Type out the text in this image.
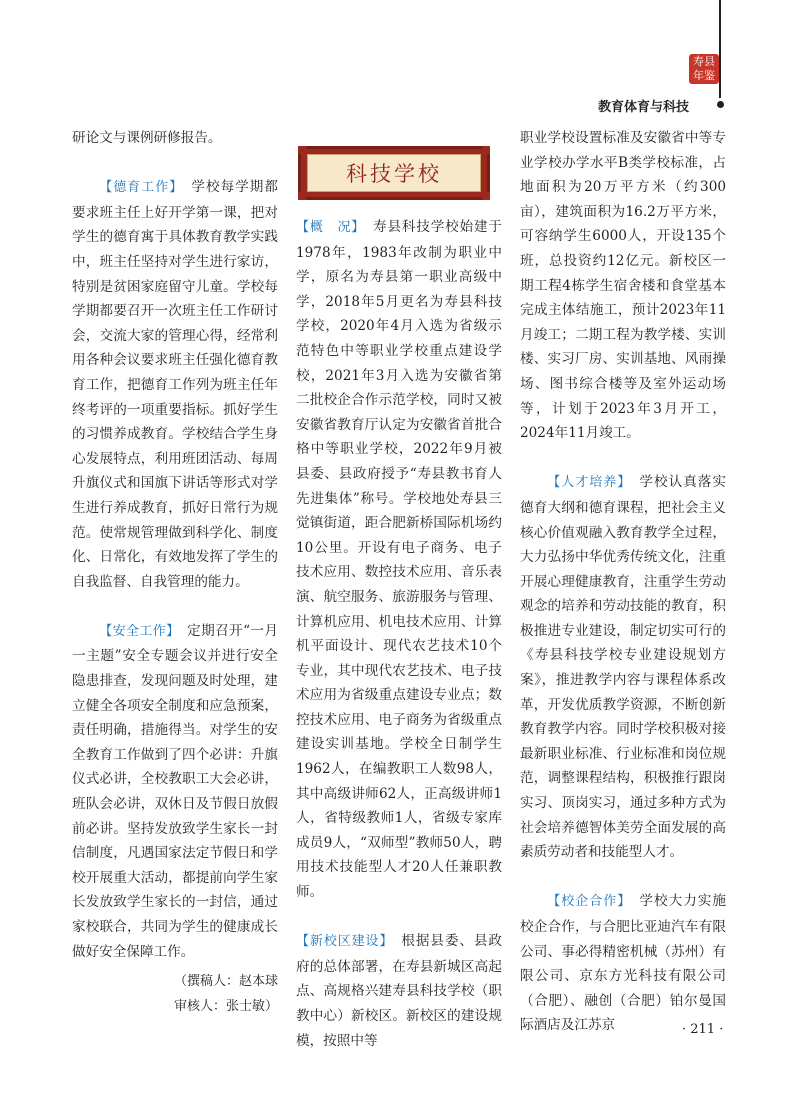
寿县
年鉴
教育体育与科技

研论文与课例研修报告。

【德育工作】　 学校每学期都要求班主任上好开学第一课，把对学生的德育寓于具体教育教学实践中，班主任坚持对学生进行家访，特别是贫困家庭留守儿童。学校每学期都要召开一次班主任工作研讨会，交流大家的管理心得，经常利用各种会议要求班主任强化德育教育工作，把德育工作列为班主任年终考评的一项重要指标。抓好学生的习惯养成教育。学校结合学生身心发展特点，利用班团活动、每周升旗仪式和国旗下讲话等形式对学生进行养成教育，抓好日常行为规范。使常规管理做到科学化、制度化、日常化，有效地发挥了学生的自我监督、自我管理的能力。

【安全工作】　 定期召开“一月一主题”安全专题会议并进行安全隐患排查，发现问题及时处理，建立健全各项安全制度和应急预案，责任明确，措施得当。对学生的安全教育工作做到了四个必讲：升旗仪式必讲，全校教职工大会必讲，班队会必讲，双休日及节假日放假前必讲。坚持发放致学生家长一封信制度，凡遇国家法定节假日和学校开展重大活动，都提前向学生家长发放致学生家长的一封信，通过家校联合，共同为学生的健康成长做好安全保障工作。

（撰稿人：赵本球

审核人：张士敏）

科技学校

【概　况】　 寿县科技学校始建于1978年，1983年改制为职业中学，原名为寿县第一职业高级中学，2018年5月更名为寿县科技学校，2020年4月入选为省级示范特色中等职业学校重点建设学校，2021年3月入选为安徽省第二批校企合作示范学校，同时又被安徽省教育厅认定为安徽省首批合格中等职业学校，2022年9月被县委、县政府授予“寿县教书育人先进集体”称号。学校地处寿县三觉镇街道，距合肥新桥国际机场约10公里。开设有电子商务、电子技术应用、数控技术应用、音乐表演、航空服务、旅游服务与管理、计算机应用、机电技术应用、计算机平面设计、现代农艺技术10个专业，其中现代农艺技术、电子技术应用为省级重点建设专业点；数控技术应用、电子商务为省级重点建设实训基地。学校全日制学生1962人，在编教职工人数98人，其中高级讲师62人，正高级讲师1人，省特级教师1人，省级专家库成员9人，“双师型”教师50人，聘用技术技能型人才20人任兼职教师。

【新校区建设】　 根据县委、县政府的总体部署，在寿县新城区高起点、高规格兴建寿县科技学校（职教中心）新校区。新校区的建设规模，按照中等

职业学校设置标准及安徽省中等专业学校办学水平B类学校标准，占地面积为20万平方米（约300亩），建筑面积为16.2万平方米，可容纳学生6000人，开设135个班，总投资约12亿元。新校区一期工程4栋学生宿舍楼和食堂基本完成主体结施工，预计2023年11月竣工；二期工程为教学楼、实训楼、实习厂房、实训基地、风雨操场、图书综合楼等及室外运动场等，计划于2023年3月开工，2024年11月竣工。

【人才培养】　 学校认真落实德育大纲和德育课程，把社会主义核心价值观融入教育教学全过程，大力弘扬中华优秀传统文化，注重开展心理健康教育，注重学生劳动观念的培养和劳动技能的教育，积极推进专业建设，制定切实可行的《寿县科技学校专业建设规划方案》，推进教学内容与课程体系改革，开发优质教学资源，不断创新教育教学内容。同时学校积极对接最新职业标准、行业标准和岗位规范，调整课程结构，积极推行跟岗实习、顶岗实习，通过多种方式为社会培养德智体美劳全面发展的高素质劳动者和技能型人才。

【校企合作】　 学校大力实施校企合作，与合肥比亚迪汽车有限公司、事必得精密机械（苏州）有限公司、京东方光科技有限公司（合肥）、融创（合肥）铂尔曼国际酒店及江苏京	· 211 ·
